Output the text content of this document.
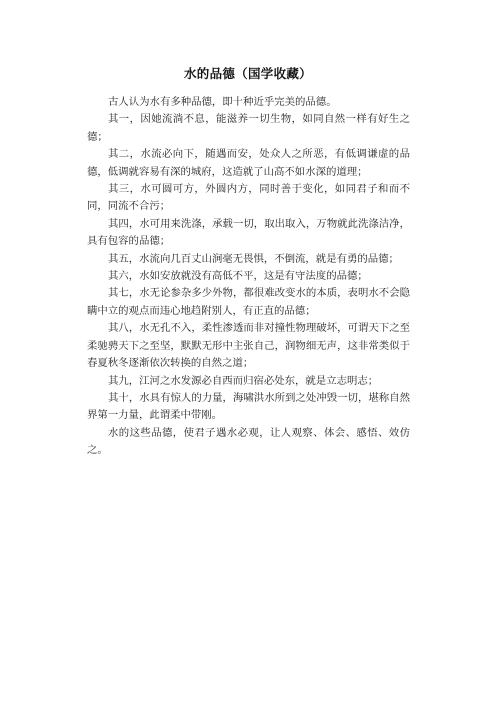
水的品德（国学收藏）

古人认为水有多种品德，即十种近乎完美的品德。

其一，因她流淌不息，能滋养一切生物，如同自然一样有好生之德；

其二，水流必向下，随遇而安，处众人之所恶，有低调谦虚的品德，低调就容易有深的城府，这造就了山高不如水深的道理；

其三，水可圆可方，外圆内方，同时善于变化，如同君子和而不同，同流不合污；

其四，水可用来洗涤，承载一切，取出取入，万物就此洗涤洁净，具有包容的品德；

其五，水流向几百丈山涧毫无畏惧，不倒流，就是有勇的品德；

其六，水如安放就没有高低不平，这是有守法度的品德；

其七，水无论参杂多少外物，都很难改变水的本质，表明水不会隐瞒中立的观点而违心地趋附别人，有正直的品德；

其八，水无孔不入，柔性渗透而非对撞性物理破坏，可谓天下之至柔驰骋天下之至坚，默默无形中主张自己，润物细无声，这非常类似于春夏秋冬逐渐依次转换的自然之道；

其九，江河之水发源必自西而归宿必处东，就是立志明志；

其十，水具有惊人的力量，海啸洪水所到之处冲毁一切，堪称自然界第一力量，此谓柔中带刚。

水的这些品德，使君子遇水必观，让人观察、体会、感悟、效仿之。
